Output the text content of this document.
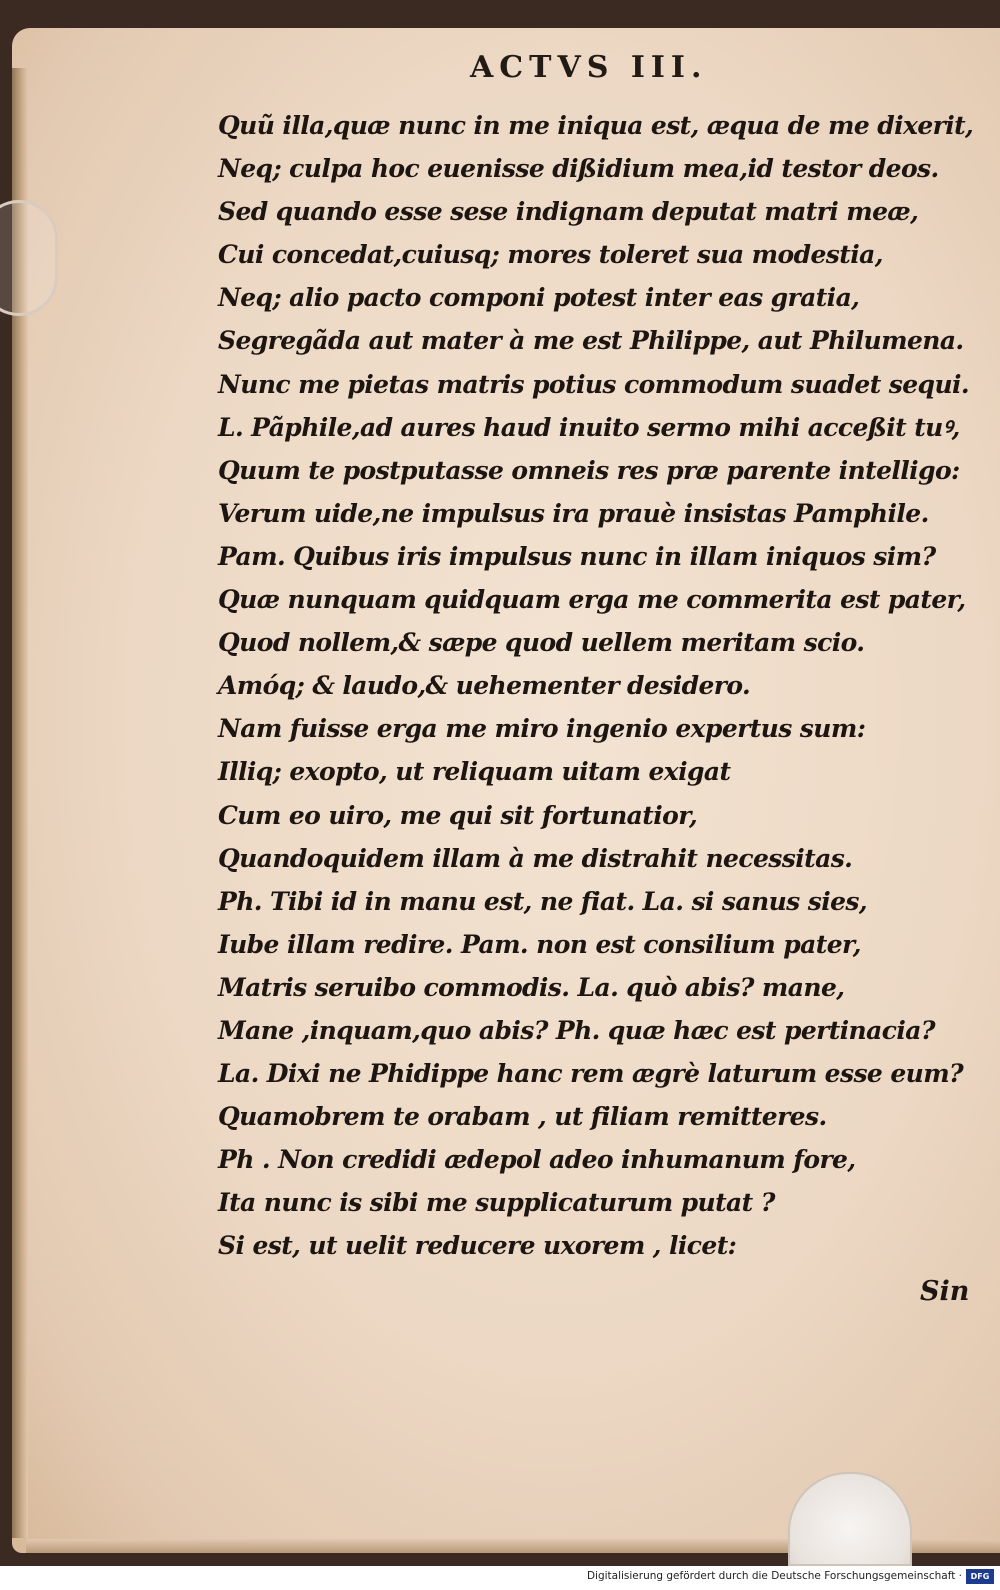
ACTVS III.
Quũ illa,quæ nunc in me iniqua est, æqua de me dixerit,
Neq; culpa hoc euenisse dißidium mea,id testor deos.
Sed quando esse sese indignam deputat matri meæ,
Cui concedat,cuiusq; mores toleret sua modestia,
Neq; alio pacto componi potest inter eas gratia,
Segregãda aut mater à me est Philippe, aut Philumena.
Nunc me pietas matris potius commodum suadet sequi.
L. Pãphile,ad aures haud inuito sermo mihi acceßit tuꝰ,
Quum te postputasse omneis res præ parente intelligo:
Verum uide,ne impulsus ira prauè insistas Pamphile.
Pam. Quibus iris impulsus nunc in illam iniquos sim?
Quæ nunquam quidquam erga me commerita est pater,
Quod nollem,& sæpe quod uellem meritam scio.
Amóq; & laudo,& uehementer desidero.
Nam fuisse erga me miro ingenio expertus sum:
Illiq; exopto, ut reliquam uitam exigat
Cum eo uiro, me qui sit fortunatior,
Quandoquidem illam à me distrahit necessitas.
Ph. Tibi id in manu est, ne fiat. La. si sanus sies,
Iube illam redire. Pam. non est consilium pater,
Matris seruibo commodis. La. quò abis? mane,
Mane ,inquam,quo abis? Ph. quæ hæc est pertinacia?
La. Dixi ne Phidippe hanc rem ægrè laturum esse eum?
Quamobrem te orabam , ut filiam remitteres.
Ph . Non credidi ædepol adeo inhumanum fore,
Ita nunc is sibi me supplicaturum putat ?
Si est, ut uelit reducere uxorem , licet:
Sin
Digitalisierung gefördert durch die Deutsche Forschungsgemeinschaft ·	DFG
